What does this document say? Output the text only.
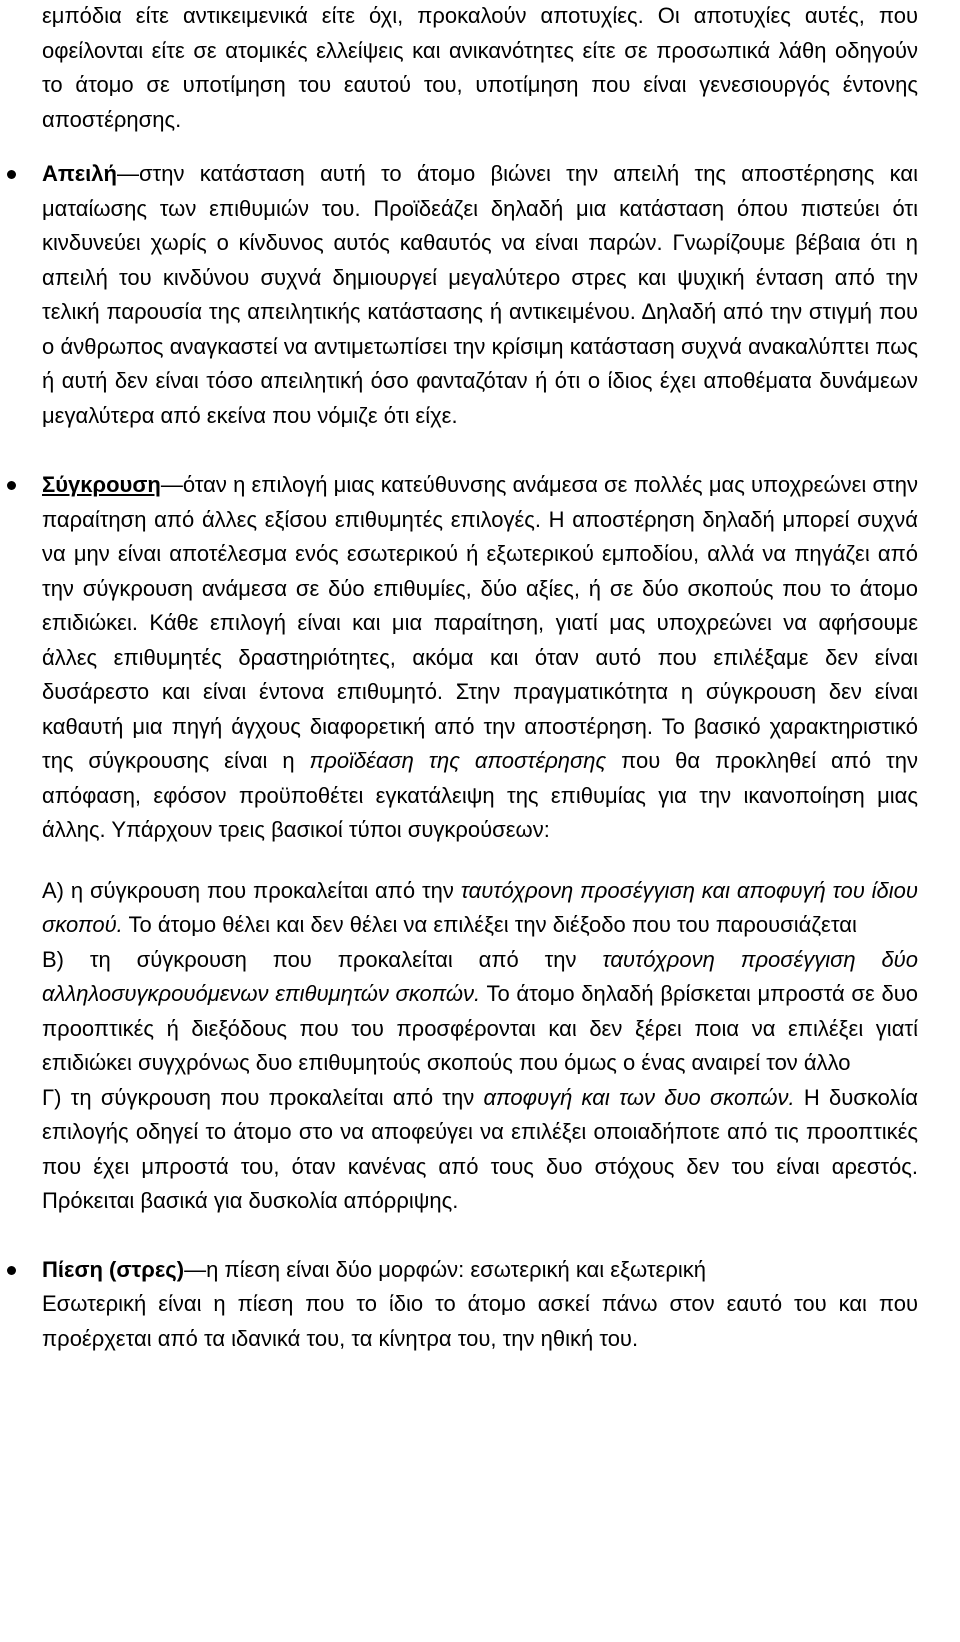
εμπόδια είτε αντικειμενικά είτε όχι, προκαλούν αποτυχίες. Οι αποτυχίες αυτές, που οφείλονται είτε σε ατομικές ελλείψεις και ανικανότητες είτε σε προσωπικά λάθη οδηγούν το άτομο σε υποτίμηση του εαυτού του, υποτίμηση που είναι γενεσιουργός έντονης αποστέρησης.

Απειλή—στην κατάσταση αυτή το άτομο βιώνει την απειλή της αποστέρησης και ματαίωσης των επιθυμιών του. Προϊδεάζει δηλαδή μια κατάσταση όπου πιστεύει ότι κινδυνεύει χωρίς ο κίνδυνος αυτός καθαυτός να είναι παρών. Γνωρίζουμε βέβαια ότι η απειλή του κινδύνου συχνά δημιουργεί μεγαλύτερο στρες και ψυχική ένταση από την τελική παρουσία της απειλητικής κατάστασης ή αντικειμένου. Δηλαδή από την στιγμή που ο άνθρωπος αναγκαστεί να αντιμετωπίσει την κρίσιμη κατάσταση συχνά ανακαλύπτει πως ή αυτή δεν είναι τόσο απειλητική όσο φανταζόταν ή ότι ο ίδιος έχει αποθέματα δυνάμεων μεγαλύτερα από εκείνα που νόμιζε ότι είχε.
Σύγκρουση—όταν η επιλογή μιας κατεύθυνσης ανάμεσα σε πολλές μας υποχρεώνει στην παραίτηση από άλλες εξίσου επιθυμητές επιλογές. Η αποστέρηση δηλαδή μπορεί συχνά να μην είναι αποτέλεσμα ενός εσωτερικού ή εξωτερικού εμποδίου, αλλά να πηγάζει από την σύγκρουση ανάμεσα σε δύο επιθυμίες, δύο αξίες, ή σε δύο σκοπούς που το άτομο επιδιώκει. Κάθε επιλογή είναι και μια παραίτηση, γιατί μας υποχρεώνει να αφήσουμε άλλες επιθυμητές δραστηριότητες, ακόμα και όταν αυτό που επιλέξαμε δεν είναι δυσάρεστο και είναι έντονα επιθυμητό. Στην πραγματικότητα η σύγκρουση δεν είναι καθαυτή μια πηγή άγχους διαφορετική από την αποστέρηση. Το βασικό χαρακτηριστικό της σύγκρουσης είναι η προϊδέαση της αποστέρησης που θα προκληθεί από την απόφαση, εφόσον προϋποθέτει εγκατάλειψη της επιθυμίας για την ικανοποίηση μιας άλλης. Υπάρχουν τρεις βασικοί τύποι συγκρούσεων:

Α) η σύγκρουση που προκαλείται από την ταυτόχρονη προσέγγιση και αποφυγή του ίδιου σκοπού. Το άτομο θέλει και δεν θέλει να επιλέξει την διέξοδο που του παρουσιάζεται

Β) τη σύγκρουση που προκαλείται από την ταυτόχρονη προσέγγιση δύο αλληλοσυγκρουόμενων επιθυμητών σκοπών. Το άτομο δηλαδή βρίσκεται μπροστά σε δυο προοπτικές ή διεξόδους που του προσφέρονται και δεν ξέρει ποια να επιλέξει γιατί επιδιώκει συγχρόνως δυο επιθυμητούς σκοπούς που όμως ο ένας αναιρεί τον άλλο

Γ) τη σύγκρουση που προκαλείται από την αποφυγή και των δυο σκοπών. Η δυσκολία επιλογής οδηγεί το άτομο στο να αποφεύγει να επιλέξει οποιαδήποτε από τις προοπτικές που έχει μπροστά του, όταν κανένας από τους δυο στόχους δεν του είναι αρεστός. Πρόκειται βασικά για δυσκολία απόρριψης.

Πίεση (στρες)—η πίεση είναι δύο μορφών: εσωτερική και εξωτερική
Εσωτερική είναι η πίεση που το ίδιο το άτομο ασκεί πάνω στον εαυτό του και που προέρχεται από τα ιδανικά του, τα κίνητρα του, την ηθική του.
